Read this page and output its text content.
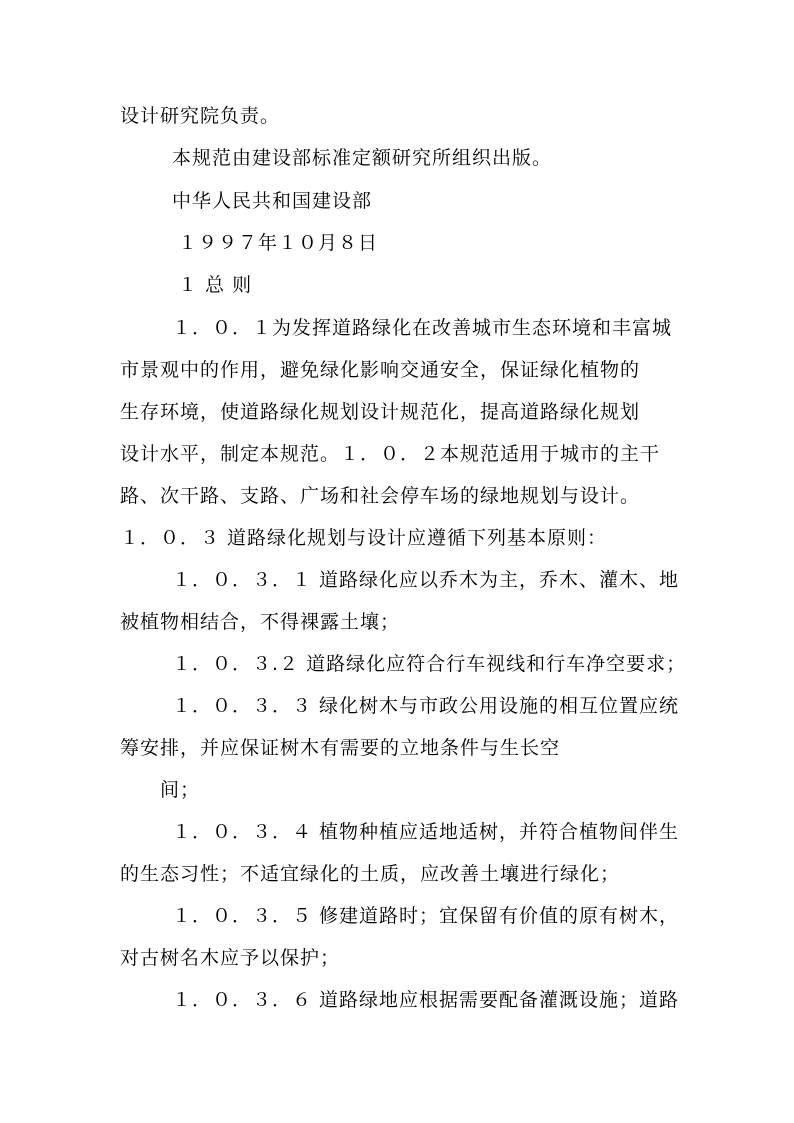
设计研究院负责。
本规范由建设部标准定额研究所组织出版。
中华人民共和国建设部
１９９７年１０月８日
１ 总 则
１．０．１为发挥道路绿化在改善城市生态环境和丰富城
市景观中的作用，避免绿化影响交通安全，保证绿化植物的
生存环境，使道路绿化规划设计规范化，提高道路绿化规划
设计水平，制定本规范。１．０．２本规范适用于城市的主干
路、次干路、支路、广场和社会停车场的绿地规划与设计。
１．０．３ 道路绿化规划与设计应遵循下列基本原则：
１．０．３．１ 道路绿化应以乔木为主，乔木、灌木、地
被植物相结合，不得裸露土壤；
１．０．３.２ 道路绿化应符合行车视线和行车净空要求；
１．０．３．３ 绿化树木与市政公用设施的相互位置应统
筹安排，并应保证树木有需要的立地条件与生长空
间；
１．０．３．４ 植物种植应适地适树，并符合植物间伴生
的生态习性；不适宜绿化的土质，应改善土壤进行绿化；
１．０．３．５ 修建道路时；宜保留有价值的原有树木，
对古树名木应予以保护；
１．０．３．６ 道路绿地应根据需要配备灌溉设施；道路
